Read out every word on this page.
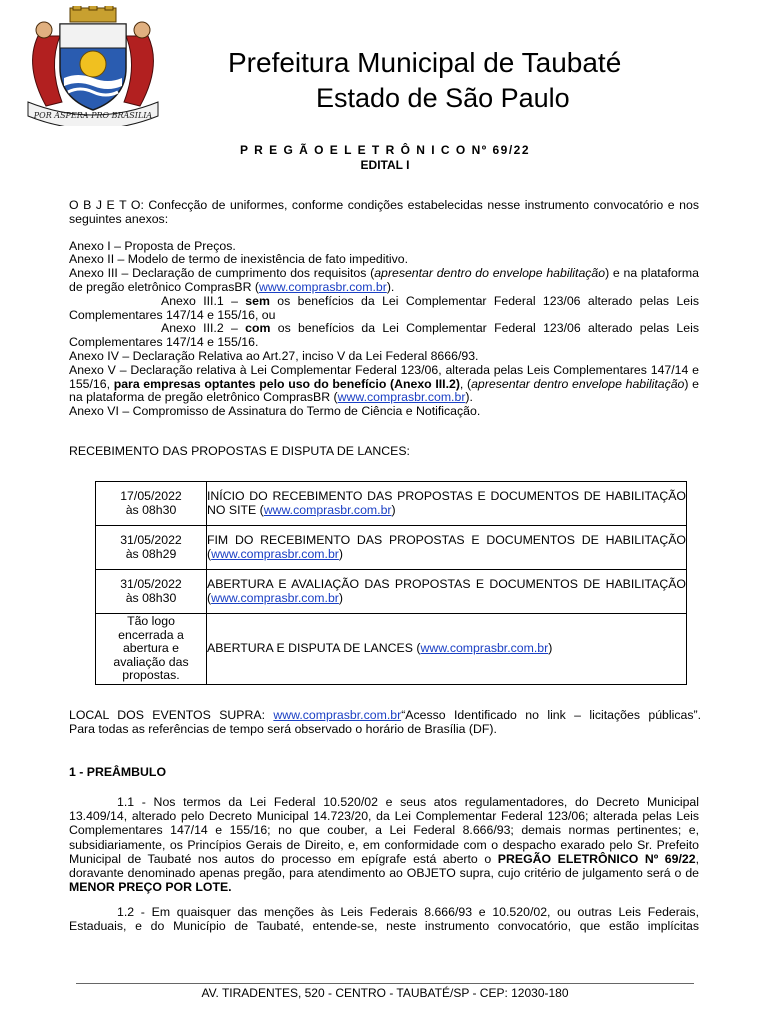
POR ASPERA PRO BRASILIA
Prefeitura Municipal de Taubaté
Estado de São Paulo
P R E G Ã O E L E T R Ô N I C O Nº 69/22
EDITAL I

O B J E T O: Confecção de uniformes, conforme condições estabelecidas nesse instrumento convocatório e nos seguintes anexos:

Anexo I – Proposta de Preços.

Anexo II – Modelo de termo de inexistência de fato impeditivo.

Anexo III – Declaração de cumprimento dos requisitos (apresentar dentro do envelope habilitação) e na plataforma de pregão eletrônico ComprasBR (www.comprasbr.com.br).

Anexo III.1 – sem os benefícios da Lei Complementar Federal 123/06 alterado pelas Leis Complementares 147/14 e 155/16, ou

Anexo III.2 – com os benefícios da Lei Complementar Federal 123/06 alterado pelas Leis Complementares 147/14 e 155/16.

Anexo IV – Declaração Relativa ao Art.27, inciso V da Lei Federal 8666/93.

Anexo V – Declaração relativa à Lei Complementar Federal 123/06, alterada pelas Leis Complementares 147/14 e 155/16, para empresas optantes pelo uso do benefício (Anexo III.2), (apresentar dentro envelope habilitação) e na plataforma de pregão eletrônico ComprasBR (www.comprasbr.com.br).

Anexo VI – Compromisso de Assinatura do Termo de Ciência e Notificação.

RECEBIMENTO DAS PROPOSTAS E DISPUTA DE LANCES:

17/05/2022
às 08h30	INÍCIO DO RECEBIMENTO DAS PROPOSTAS E DOCUMENTOS DE HABILITAÇÃO NO SITE (www.comprasbr.com.br)
31/05/2022
às 08h29	FIM DO RECEBIMENTO DAS PROPOSTAS E DOCUMENTOS DE HABILITAÇÃO (www.comprasbr.com.br)
31/05/2022
às 08h30	ABERTURA E AVALIAÇÃO DAS PROPOSTAS E DOCUMENTOS DE HABILITAÇÃO (www.comprasbr.com.br)

Tão logo encerrada a abertura e avaliação das propostas.	ABERTURA E DISPUTA DE LANCES (www.comprasbr.com.br)
LOCAL DOS EVENTOS SUPRA: www.comprasbr.com.br“Acesso Identificado no link – licitações públicas”.
Para todas as referências de tempo será observado o horário de Brasília (DF).
1 - PREÂMBULO

1.1 - Nos termos da Lei Federal 10.520/02 e seus atos regulamentadores, do Decreto Municipal 13.409/14, alterado pelo Decreto Municipal 14.723/20, da Lei Complementar Federal 123/06; alterada pelas Leis Complementares 147/14 e 155/16; no que couber, a Lei Federal 8.666/93; demais normas pertinentes; e, subsidiariamente, os Princípios Gerais de Direito, e, em conformidade com o despacho exarado pelo Sr. Prefeito Municipal de Taubaté nos autos do processo em epígrafe está aberto o PREGÃO ELETRÔNICO Nº 69/22, doravante denominado apenas pregão, para atendimento ao OBJETO supra, cujo critério de julgamento será o de MENOR PREÇO POR LOTE.

1.2 - Em quaisquer das menções às Leis Federais 8.666/93 e 10.520/02, ou outras Leis Federais, Estaduais, e do Município de Taubaté, entende-se, neste instrumento convocatório, que estão implícitas

AV. TIRADENTES, 520 - CENTRO - TAUBATÉ/SP - CEP: 12030-180
